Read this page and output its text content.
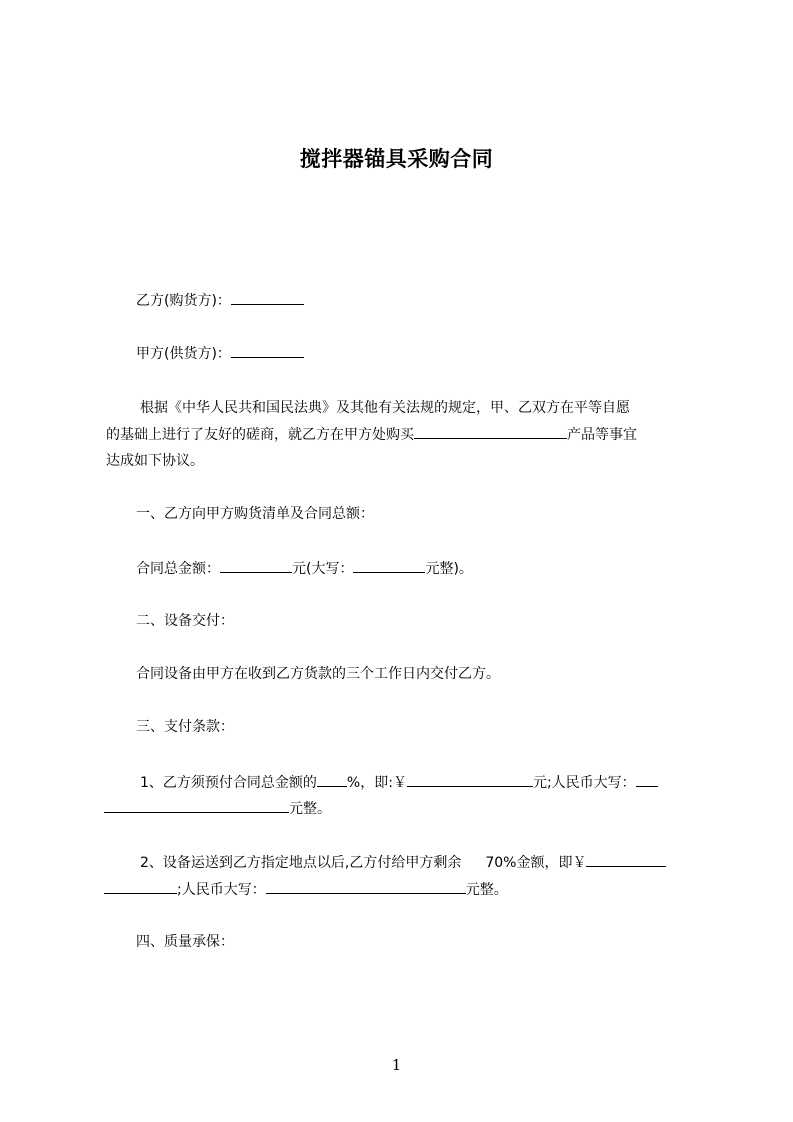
搅拌器锚具采购合同
乙方(购货方)：
甲方(供货方)：
根据《中华人民共和国民法典》及其他有关法规的规定，甲、乙双方在平等自愿
的基础上进行了友好的磋商，就乙方在甲方处购买	产品等事宜
达成如下协议。
一、乙方向甲方购货清单及合同总额：
合同总金额：	元(大写：	元整)。
二、设备交付：
合同设备由甲方在收到乙方货款的三个工作日内交付乙方。
三、支付条款：
1、乙方须预付合同总金额的 %，即:￥	元;人民币大写：
元整。
2、设备运送到乙方指定地点以后,乙方付给甲方剩余 70%金额，即￥
;人民币大写：	元整。
四、质量承保：
1
